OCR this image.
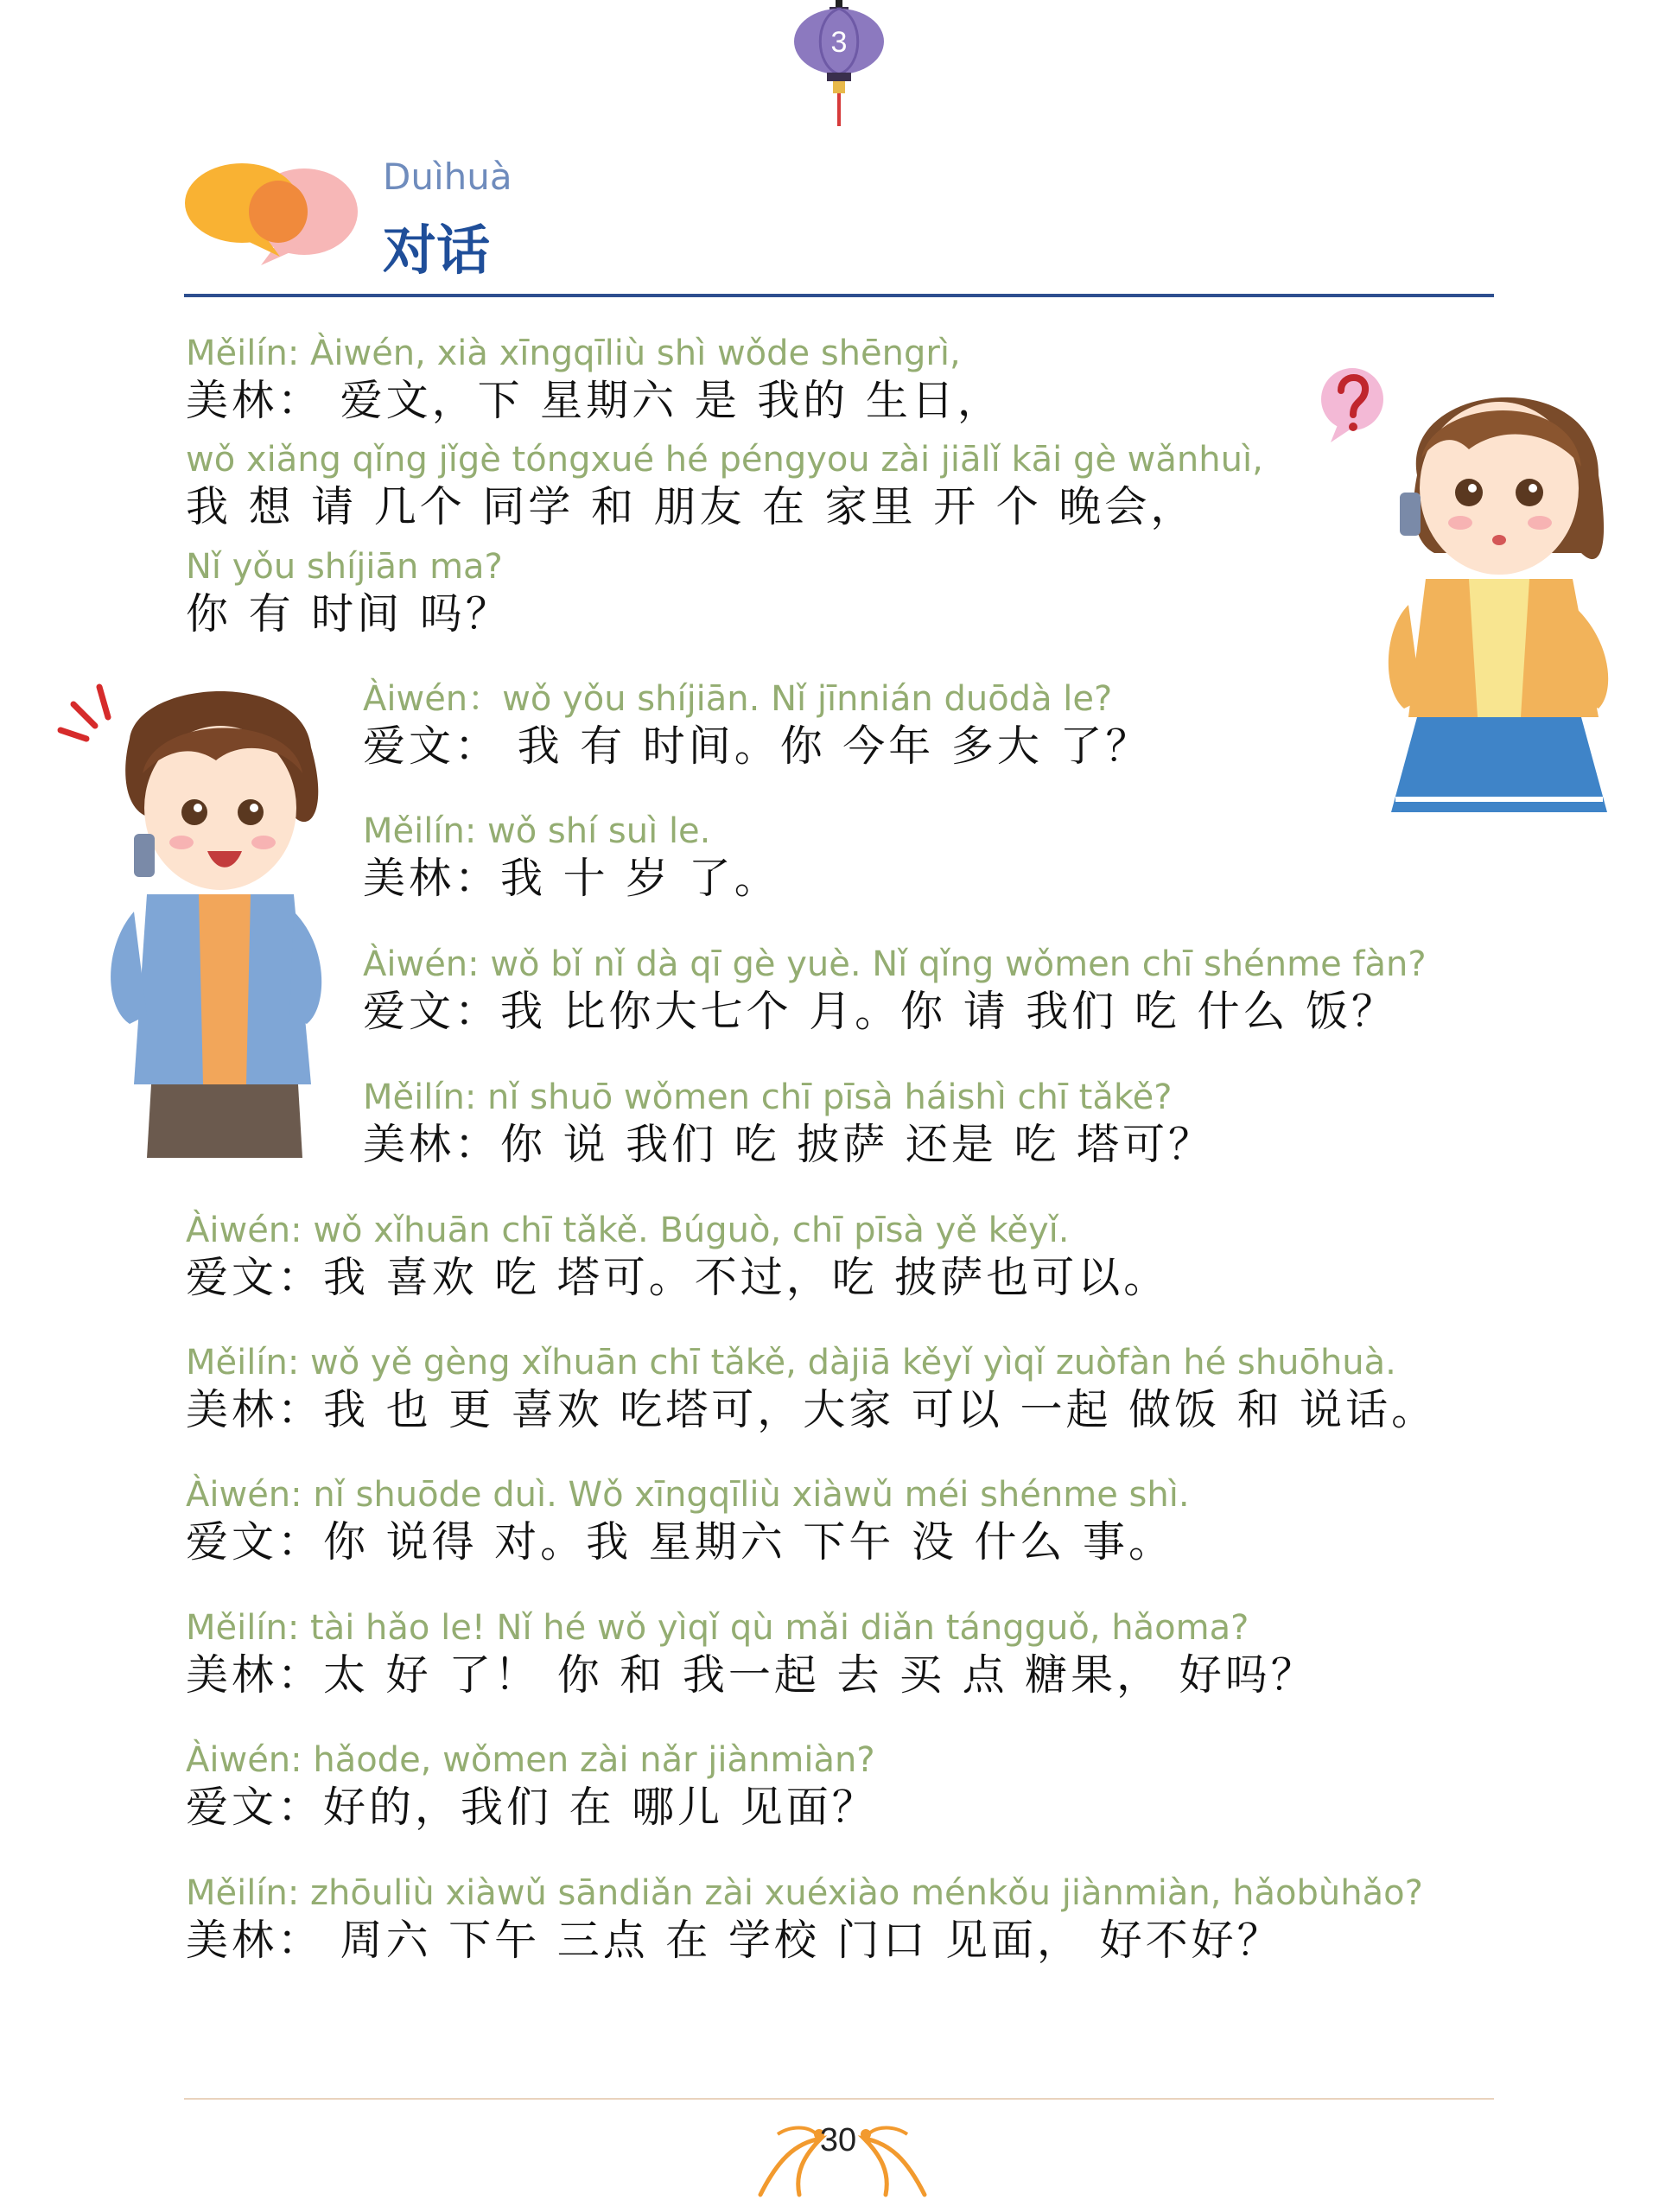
3
Duìhuà
对话
Měilín: Àiwén, xià xīngqīliù shì wǒde shēngrì,
美林： 爱文，下 星期六 是 我的 生日，
wǒ xiǎng qǐng jǐgè tóngxué hé péngyou zài jiālǐ kāi gè wǎnhuì,
我 想 请 几个 同学 和 朋友 在 家里 开 个 晚会，
Nǐ yǒu shíjiān ma?
你 有 时间 吗？
Àiwén：wǒ yǒu shíjiān. Nǐ jīnnián duōdà le?
爱文： 我 有 时间。你 今年 多大 了？
Měilín: wǒ shí suì le.
美林：我 十 岁 了。
Àiwén: wǒ bǐ nǐ dà qī gè yuè. Nǐ qǐng wǒmen chī shénme fàn?
爱文：我 比你大七个 月。你 请 我们 吃 什么 饭？
Měilín: nǐ shuō wǒmen chī pīsà háishì chī tǎkě?
美林：你 说 我们 吃 披萨 还是 吃 塔可？
Àiwén: wǒ xǐhuān chī tǎkě. Búguò, chī pīsà yě kěyǐ.
爱文：我 喜欢 吃 塔可。不过，吃 披萨也可以。
Měilín: wǒ yě gèng xǐhuān chī tǎkě, dàjiā kěyǐ yìqǐ zuòfàn hé shuōhuà.
美林：我 也 更 喜欢 吃塔可，大家 可以 一起 做饭 和 说话。
Àiwén: nǐ shuōde duì. Wǒ xīngqīliù xiàwǔ méi shénme shì.
爱文：你 说得 对。我 星期六 下午 没 什么 事。
Měilín: tài hǎo le! Nǐ hé wǒ yìqǐ qù mǎi diǎn tángguǒ, hǎoma?
美林：太 好 了！ 你 和 我一起 去 买 点 糖果， 好吗？
Àiwén: hǎode, wǒmen zài nǎr jiànmiàn?
爱文：好的，我们 在 哪儿 见面？
Měilín: zhōuliù xiàwǔ sāndiǎn zài xuéxiào ménkǒu jiànmiàn, hǎobùhǎo?
美林： 周六 下午 三点 在 学校 门口 见面， 好不好？
30
